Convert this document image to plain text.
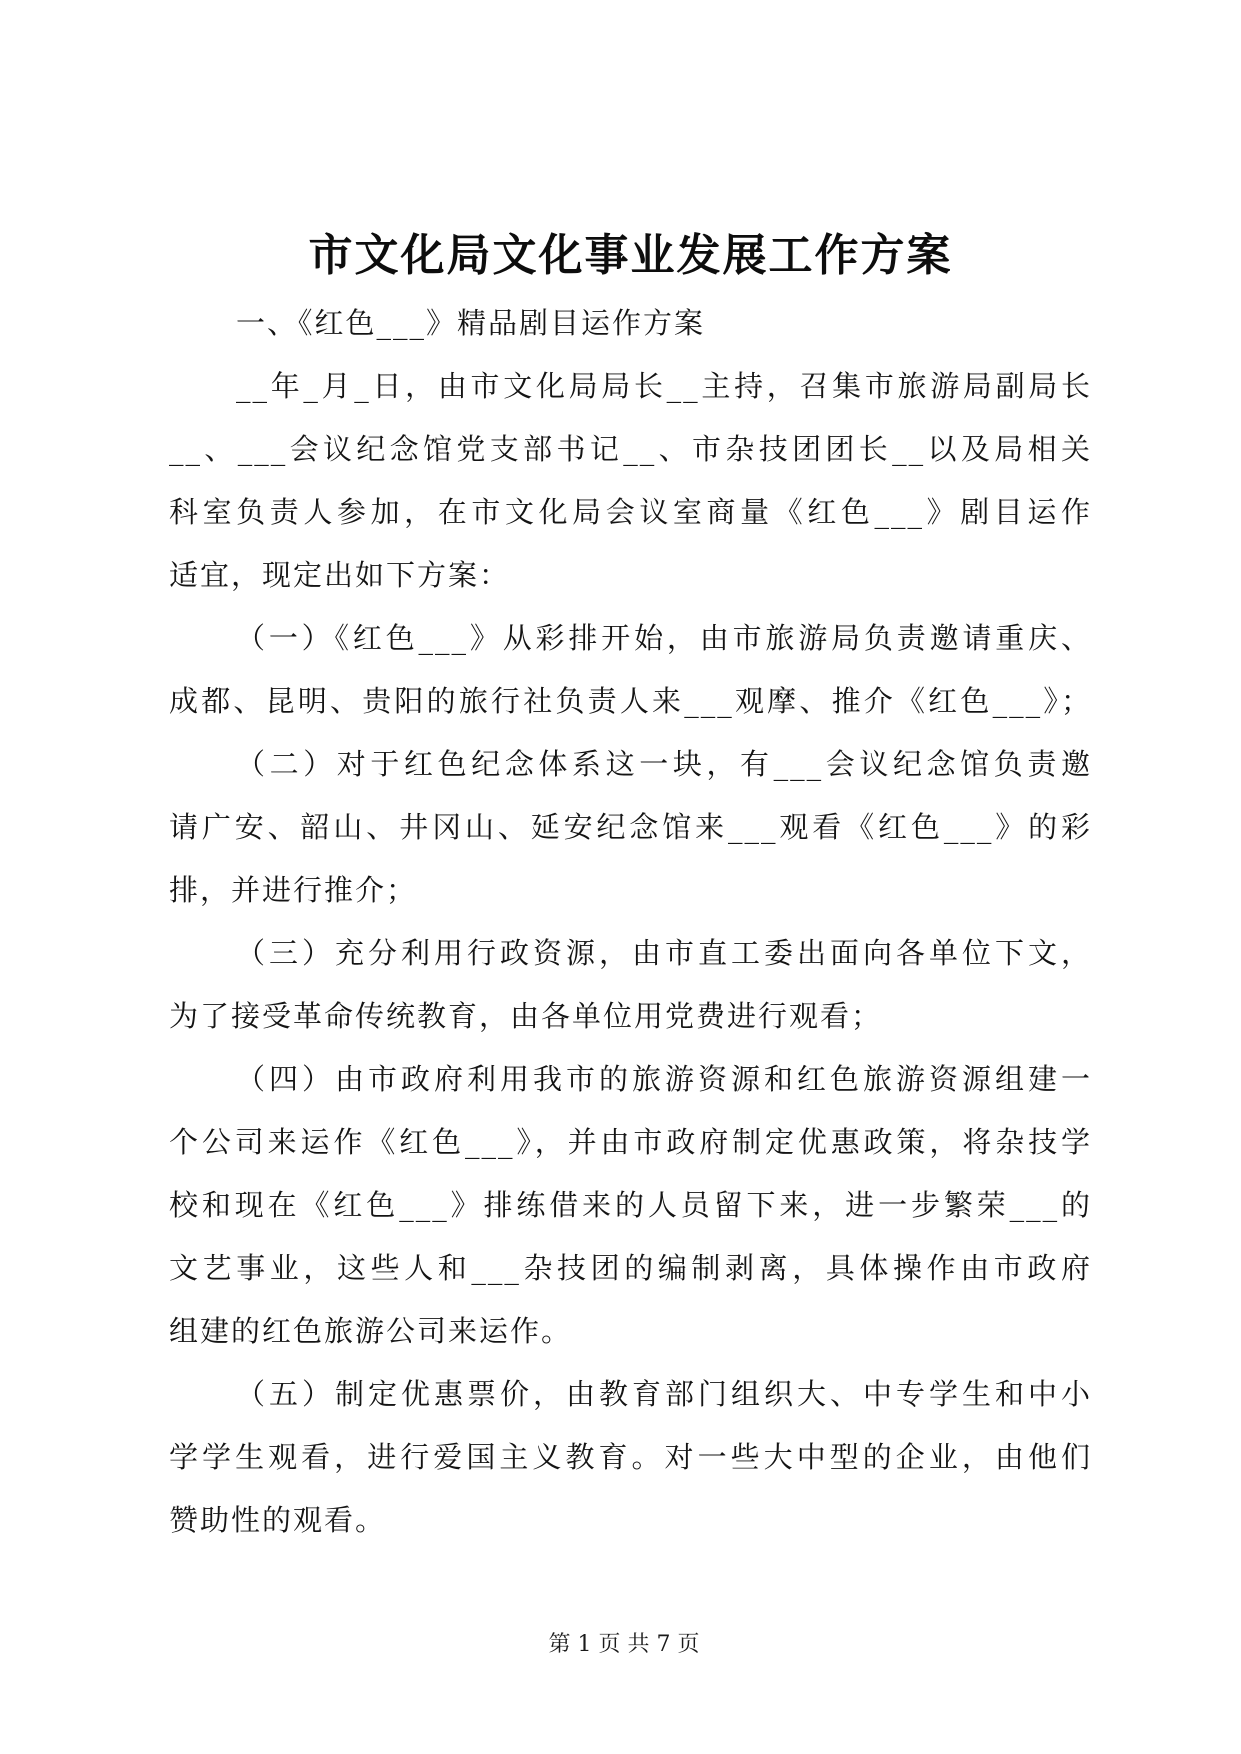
市文化局文化事业发展工作方案
一、《红色___》精品剧目运作方案
__年_月_日，由市文化局局长__主持，召集市旅游局副局长
__、___会议纪念馆党支部书记__、市杂技团团长__以及局相关
科室负责人参加，在市文化局会议室商量《红色___》剧目运作
适宜，现定出如下方案：
（一）《红色___》从彩排开始，由市旅游局负责邀请重庆、
成都、昆明、贵阳的旅行社负责人来___观摩、推介《红色___》；
（二）对于红色纪念体系这一块，有___会议纪念馆负责邀
请广安、韶山、井冈山、延安纪念馆来___观看《红色___》的彩
排，并进行推介；
（三）充分利用行政资源，由市直工委出面向各单位下文，
为了接受革命传统教育，由各单位用党费进行观看；
（四）由市政府利用我市的旅游资源和红色旅游资源组建一
个公司来运作《红色___》，并由市政府制定优惠政策，将杂技学
校和现在《红色___》排练借来的人员留下来，进一步繁荣___的
文艺事业，这些人和___杂技团的编制剥离，具体操作由市政府
组建的红色旅游公司来运作。
（五）制定优惠票价，由教育部门组织大、中专学生和中小
学学生观看，进行爱国主义教育。对一些大中型的企业，由他们
赞助性的观看。
第 1 页 共 7 页
